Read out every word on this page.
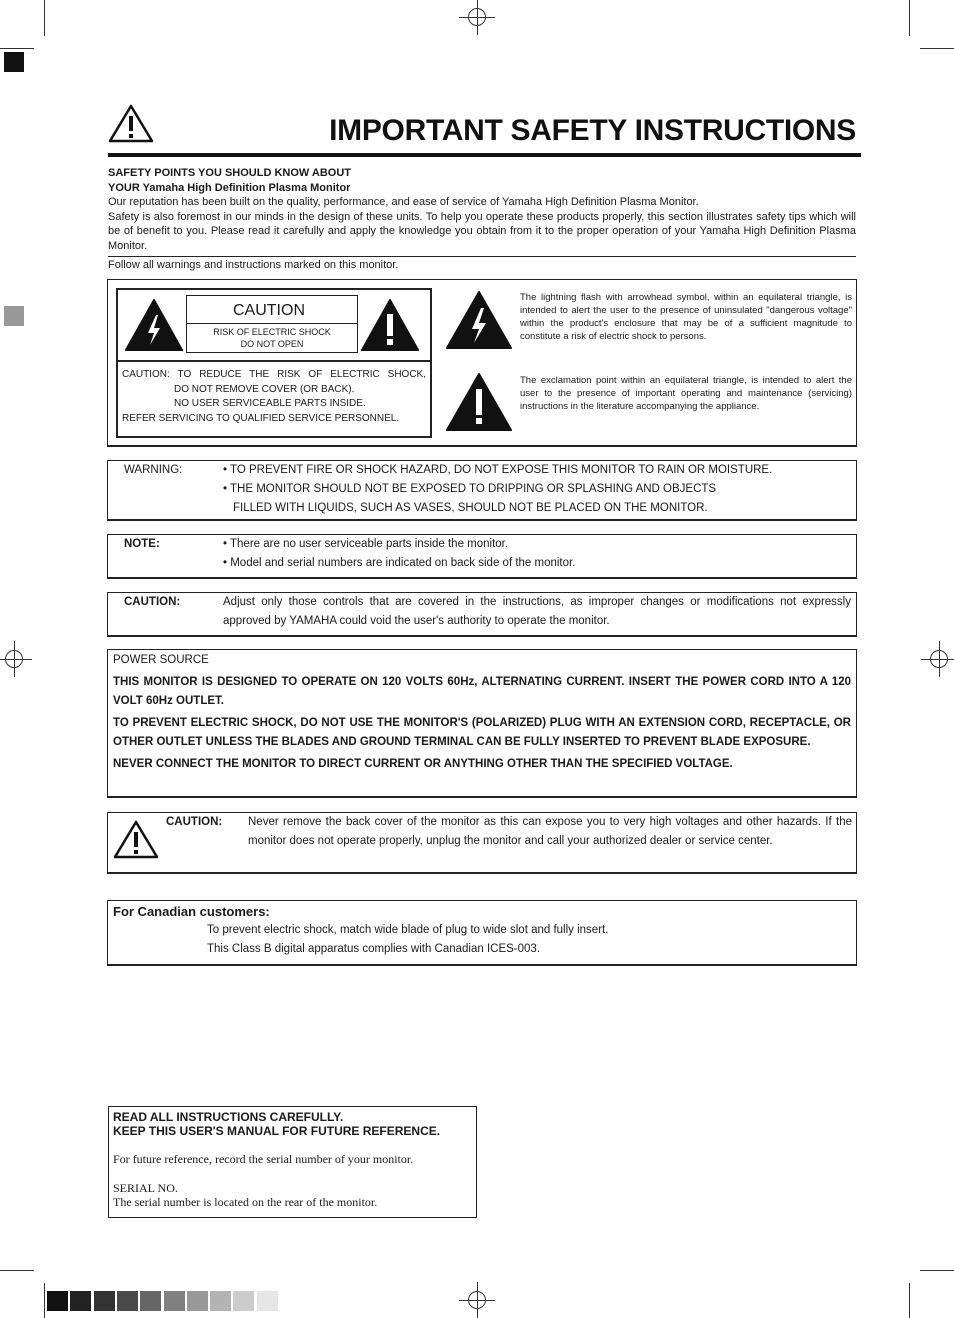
IMPORTANT SAFETY INSTRUCTIONS
SAFETY POINTS YOU SHOULD KNOW ABOUT
YOUR Yamaha High Definition Plasma Monitor

Our reputation has been built on the quality, performance, and ease of service of Yamaha High Definition Plasma Monitor.

Safety is also foremost in our minds in the design of these units. To help you operate these products properly, this section illustrates safety tips which will be of benefit to you. Please read it carefully and apply the knowledge you obtain from it to the proper operation of your Yamaha High Definition Plasma Monitor.

Follow all warnings and instructions marked on this monitor.
CAUTION
RISK OF ELECTRIC SHOCK
DO NOT OPEN
CAUTION: TO REDUCE THE RISK OF ELECTRIC SHOCK,
DO NOT REMOVE COVER (OR BACK).
NO USER SERVICEABLE PARTS INSIDE.
REFER SERVICING TO QUALIFIED SERVICE PERSONNEL.
The lightning flash with arrowhead symbol, within an equilateral triangle, is intended to alert the user to the presence of uninsulated "dangerous voltage" within the product's enclosure that may be of a sufficient magnitude to constitute a risk of electric shock to persons.
The exclamation point within an equilateral triangle, is intended to alert the user to the presence of important operating and maintenance (servicing) instructions in the literature accompanying the appliance.
WARNING:	• TO PREVENT FIRE OR SHOCK HAZARD, DO NOT EXPOSE THIS MONITOR TO RAIN OR MOISTURE.
• THE MONITOR SHOULD NOT BE EXPOSED TO DRIPPING OR SPLASHING AND OBJECTS
FILLED WITH LIQUIDS, SUCH AS VASES, SHOULD NOT BE PLACED ON THE MONITOR.
NOTE:	• There are no user serviceable parts inside the monitor.
• Model and serial numbers are indicated on back side of the monitor.
CAUTION:	Adjust only those controls that are covered in the instructions, as improper changes or modifications not expressly approved by YAMAHA could void the user's authority to operate the monitor.
POWER SOURCE
THIS MONITOR IS DESIGNED TO OPERATE ON 120 VOLTS 60Hz, ALTERNATING CURRENT. INSERT THE POWER CORD INTO A 120 VOLT 60Hz OUTLET.
TO PREVENT ELECTRIC SHOCK, DO NOT USE THE MONITOR'S (POLARIZED) PLUG WITH AN EXTENSION CORD, RECEPTACLE, OR OTHER OUTLET UNLESS THE BLADES AND GROUND TERMINAL CAN BE FULLY INSERTED TO PREVENT BLADE EXPOSURE.
NEVER CONNECT THE MONITOR TO DIRECT CURRENT OR ANYTHING OTHER THAN THE SPECIFIED VOLTAGE.
CAUTION: Never remove the back cover of the monitor as this can expose you to very high voltages and other hazards. If the monitor does not operate properly, unplug the monitor and call your authorized dealer or service center.
For Canadian customers:
To prevent electric shock, match wide blade of plug to wide slot and fully insert.
This Class B digital apparatus complies with Canadian ICES-003.
READ ALL INSTRUCTIONS CAREFULLY.
KEEP THIS USER'S MANUAL FOR FUTURE REFERENCE.
For future reference, record the serial number of your monitor.
SERIAL NO.
The serial number is located on the rear of the monitor.
